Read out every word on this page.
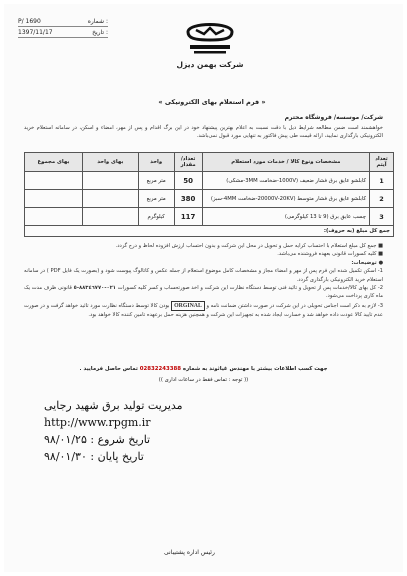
P/ 1690	شماره :
1397/11/17	تاریخ :
شرکت بهمن دیزل
« فرم استعلام بهای الکترونیکی »
شرکت/ موسسه/ فروشگاه محترم
خواهشمند است ضمن مطالعه شرایط ذیل با دقت نسبت به اعلام بهترین پیشنهاد خود در این برگ اقدام و پس از مهر، امضاء و اسکن، در سامانه استعلام خرید الکترونیکی بارگذاری نمایید، ارائه قیمت طی پیش فاکتور به تنهایی مورد قبول نمی‌باشد.
تعداد آیتم	مشخصات ونوع کالا / خدمات مورد استعلام	تعداد/ مقدار	واحد	بهای واحد	بهای مجموع
1	کابلشو عایق برق فشار ضعیف (1000V-ضخامت 3MM-مشکی)	50	متر مربع		
2	کابلشو عایق برق فشار متوسط (20000V-20KV-ضخامت 4MM-سبز)	380	متر مربع		
3	چسب عایق برق (9 تا 13 کیلوگرمی)	117	کیلوگرم		
جمع کل مبلغ (به حروف):					
■ جمع کل مبلغ استعلام با احتساب کرایه حمل و تحویل در محل این شرکت و بدون احتساب ارزش افزوده لحاظ و درج گردد.
■ کلیه کسورات قانونی بعهده فروشنده می‌باشد.
● توضیحات:
1- اسکن تکمیل شده این فرم پس از مهر و امضاء مجاز و مشخصات کامل موضوع استعلام از جمله عکس و کاتالوگ پیوست شود و (بصورت یک فایل PDF ) در سامانه استعلام خرید الکترونیکی بارگذاری گردد.
2- کل بهای کالا/خدمات پس از تحویل و تائید فنی توسط دستگاه نظارت این شرکت و اخذ صورتحساب و کسر کلیه کسورات ٠٢١-٨٨٣٤٦٧٧٠-٥ قانونی ظرف مدت یک ماه کاری پرداخت می‌شود.
3- لازم به ذکر است اجناس تحویلی در این شرکت در صورت داشتن ضمانت نامه و ORGINAL بودن کالا توسط دستگاه نظارت مورد تائید خواهد گرفت و در صورت عدم تایید کالا عودت داده خواهد شد و خسارت ایجاد شده به تجهیزات این شرکت و همچنین هزینه حمل برعهده تامین کننده کالا خواهد بود.
جهت کسب اطلاعات بیشتر با مهندس غیاثوند به شماره 02832243388 تماس حاصل فرمایید .
(( توجه : تماس فقط در ساعات اداری ))
مدیریت تولید برق شهید رجایی
http://www.rpgm.ir
تاریخ شروع : ۹۸/۰۱/۲۵
تاریخ پایان : ۹۸/۰۱/۳۰
رئیس اداره پشتیبانی
